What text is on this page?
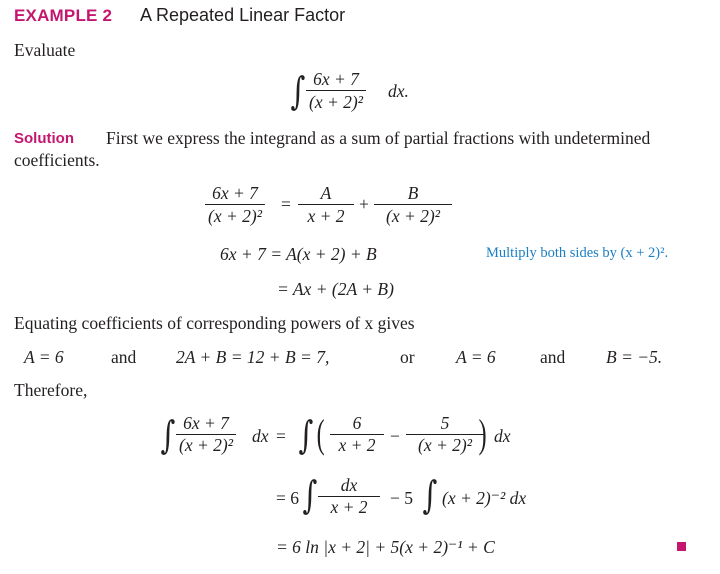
EXAMPLE 2 A Repeated Linear Factor
Evaluate
∫ $\frac{6x + 7}{\text{(x + 2)²}}$ dx.
Solution First we express the integrand as a sum of partial fractions with undetermined
coefficients.
$\frac{6x + 7}{\text{(x + 2)²}} = \frac{A}{x + 2} + \frac{B}{\text{(x + 2)²}}$
6x + 7 = A(x + 2) + B	Multiply both sides by (x + 2)².
= Ax + (2A + B)
Equating coefficients of corresponding powers of x gives
A = 6	and 2A + B = 12 + B = 7,	or A = 6	and B = −5.
Therefore,
∫ $\frac{6x + 7}{\text{(x + 2)²}}$ dx = ∫ ( $\frac{6}{x + 2} - \frac{5}{\text{(x + 2)²}}$
) dx
= 6 ∫ $\frac{dx}{x + 2} - 5$ ∫ (x + 2)⁻² dx
= 6 ln |x + 2| + 5(x + 2)⁻¹ + C
